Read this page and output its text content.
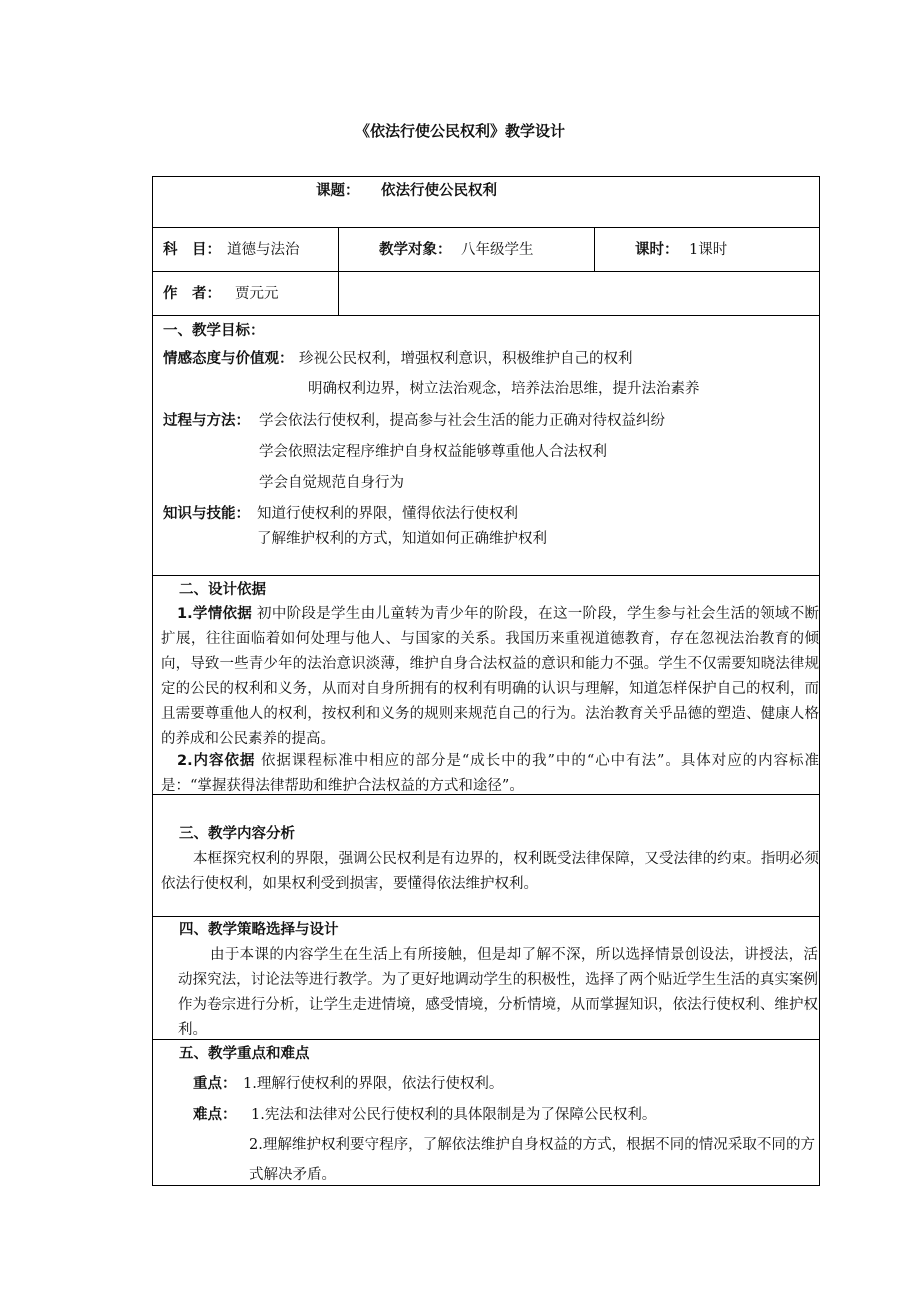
《依法行使公民权利》教学设计
课题： 依法行使公民权利
科　目： 道德与法治	教学对象： 八年级学生	课时： 1课时
作　者： 贾元元
一、教学目标：
情感态度与价值观： 珍视公民权利，增强权利意识，积极维护自己的权利
明确权利边界，树立法治观念，培养法治思维，提升法治素养
过程与方法： 学会依法行使权利，提高参与社会生活的能力正确对待权益纠纷
学会依照法定程序维护自身权益能够尊重他人合法权利
学会自觉规范自身行为
知识与技能： 知道行使权利的界限，懂得依法行使权利
了解维护权利的方式，知道如何正确维护权利
二、设计依据
1.学情依据 初中阶段是学生由儿童转为青少年的阶段，在这一阶段，学生参与社会生活的领域不断扩展，往往面临着如何处理与他人、与国家的关系。我国历来重视道德教育，存在忽视法治教育的倾向，导致一些青少年的法治意识淡薄，维护自身合法权益的意识和能力不强。学生不仅需要知晓法律规定的公民的权利和义务，从而对自身所拥有的权利有明确的认识与理解，知道怎样保护自己的权利，而且需要尊重他人的权利，按权利和义务的规则来规范自己的行为。法治教育关乎品德的塑造、健康人格的养成和公民素养的提高。
2.内容依据 依据课程标准中相应的部分是“成长中的我”中的“心中有法”。具体对应的内容标准是：“掌握获得法律帮助和维护合法权益的方式和途径”。
三、教学内容分析
本框探究权利的界限，强调公民权利是有边界的，权利既受法律保障，又受法律的约束。指明必须依法行使权利，如果权利受到损害，要懂得依法维护权利。
四、教学策略选择与设计
由于本课的内容学生在生活上有所接触，但是却了解不深，所以选择情景创设法，讲授法，活动探究法，讨论法等进行教学。为了更好地调动学生的积极性，选择了两个贴近学生生活的真实案例作为卷宗进行分析，让学生走进情境，感受情境，分析情境，从而掌握知识，依法行使权利、维护权利。
五、教学重点和难点
重点： 1.理解行使权利的界限，依法行使权利。
难点： 1.宪法和法律对公民行使权利的具体限制是为了保障公民权利。
2.理解维护权利要守程序，了解依法维护自身权益的方式，根据不同的情况采取不同的方式解决矛盾。
